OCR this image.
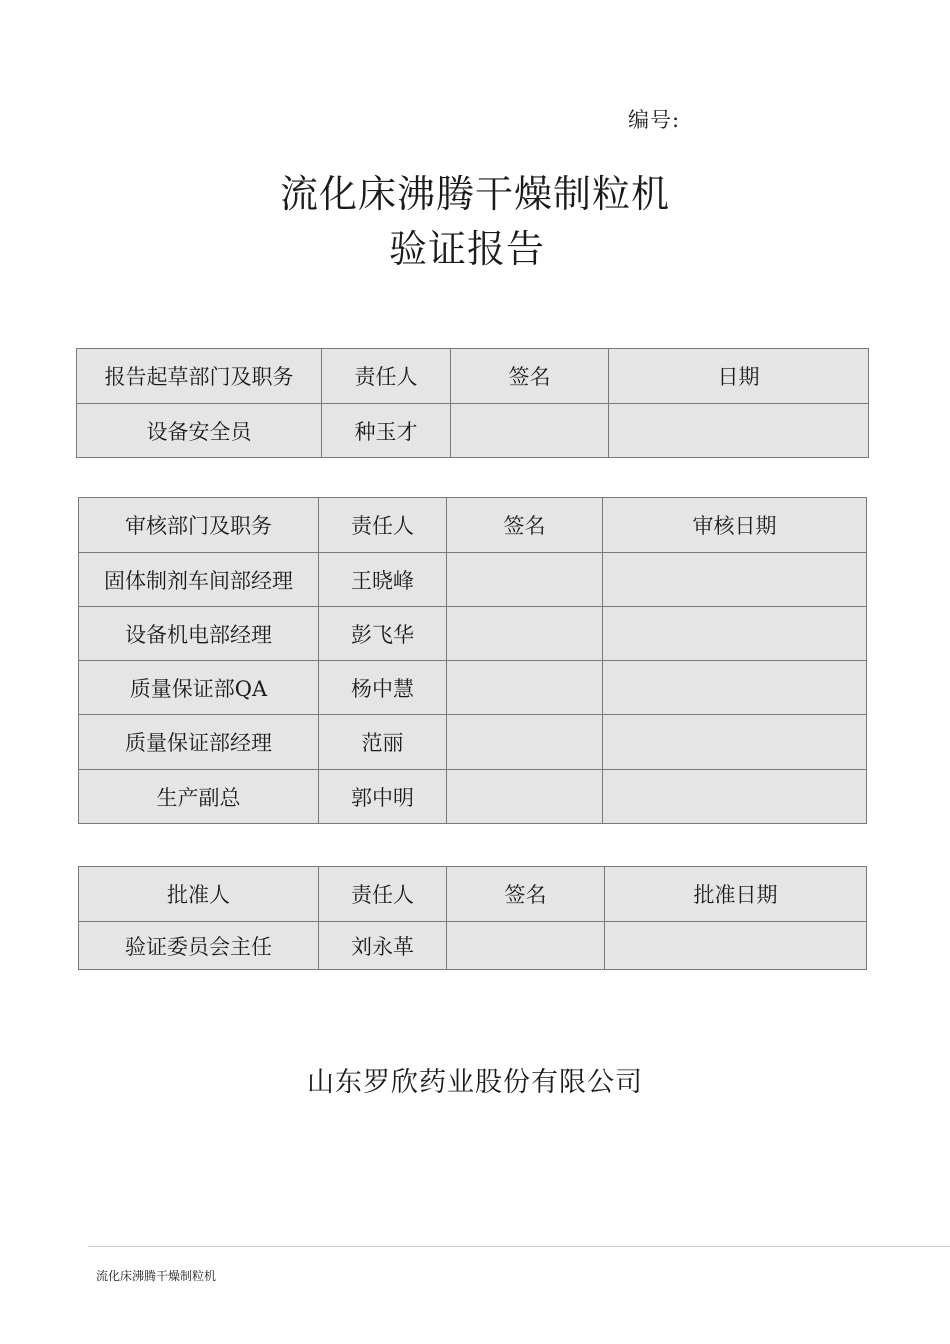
编号:
流化床沸腾干燥制粒机
验证报告
报告起草部门及职务	责任人	签名	日期
设备安全员	种玉才		
审核部门及职务	责任人	签名	审核日期
固体制剂车间部经理	王晓峰		
设备机电部经理	彭飞华		
质量保证部QA	杨中慧		
质量保证部经理	范丽		
生产副总	郭中明		
批准人	责任人	签名	批准日期
验证委员会主任	刘永革		
山东罗欣药业股份有限公司
流化床沸腾干燥制粒机
